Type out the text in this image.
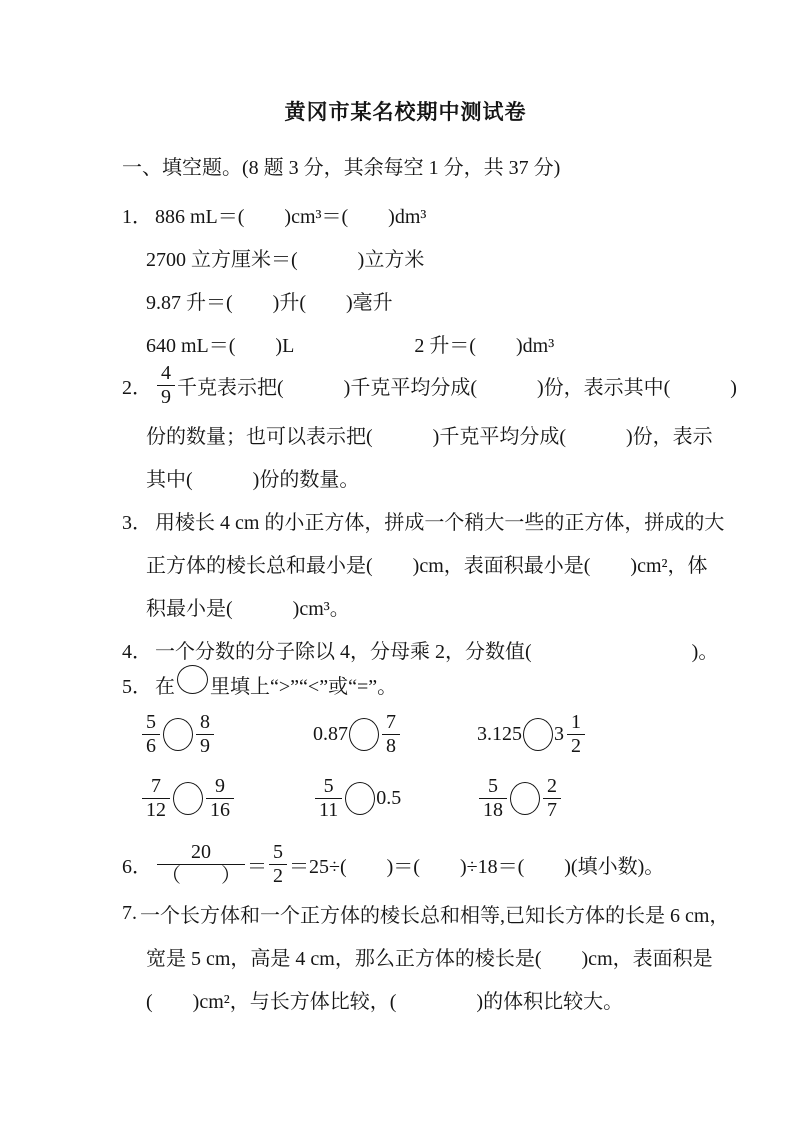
黄冈市某名校期中测试卷
一、填空题。(8 题 3 分，其余每空 1 分，共 37 分)
1． 886 mL＝(　　)cm³＝(　　)dm³
2700 立方厘米＝(　　　)立方米
9.87 升＝(　　)升(　　)毫升
640 mL＝(　　)L	2 升＝(　　)dm³
2． $\frac{4}{9}$ 千克表示把(　　　)千克平均分成(　　　)份，表示其中(　　　)
份的数量；也可以表示把(　　　)千克平均分成(　　　)份，表示
其中(　　　)份的数量。
3． 用棱长 4 cm 的小正方体，拼成一个稍大一些的正方体，拼成的大
正方体的棱长总和最小是(　　)cm，表面积最小是(　　)cm²，体
积最小是(　　　)cm³。
4． 一个分数的分子除以 4，分母乘 2，分数值(　　　　　　　　)。
5． 在 里填上“>”“<”或“=”。
$\frac{5}{6} \frac{8}{9}$	$0.87 \frac{7}{8}$	3.125 $3 \frac{1}{2}$
$\frac{7}{12} \frac{9}{16}$	$\frac{5}{11} 0.5$	$\frac{5}{18} \frac{2}{7}$
6． $\frac{20}{( )} = \frac{5}{2} =25\div$(　　)＝(　　)÷18＝(　　)(填小数)。
7. 一个长方体和一个正方体的棱长总和相等,已知长方体的长是 6 cm，
宽是 5 cm，高是 4 cm，那么正方体的棱长是(　　)cm，表面积是
(　　)cm²，与长方体比较，(　　　　)的体积比较大。
